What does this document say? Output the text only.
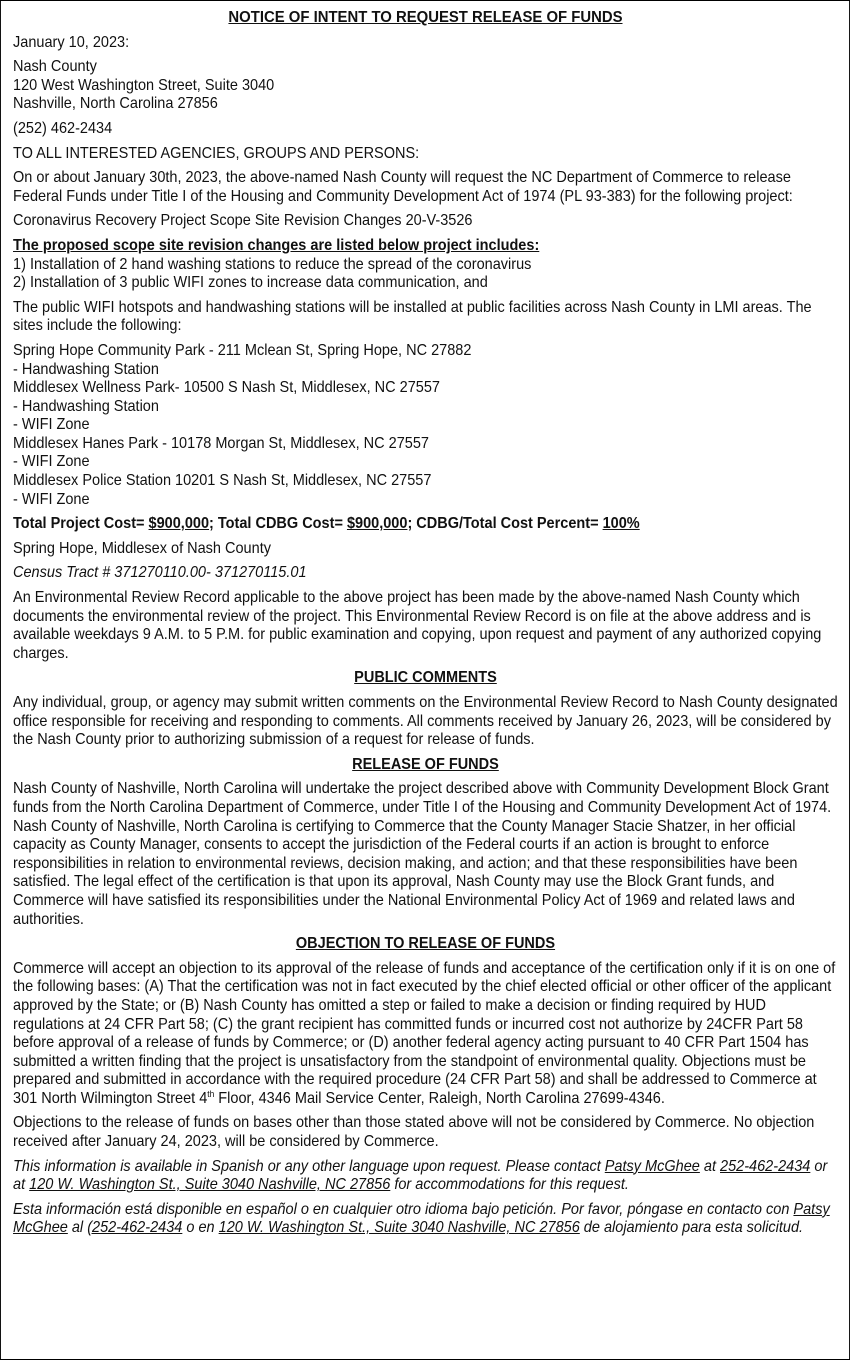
NOTICE OF INTENT TO REQUEST RELEASE OF FUNDS

January 10, 2023:

Nash County
120 West Washington Street, Suite 3040
Nashville, North Carolina 27856

(252) 462-2434

TO ALL INTERESTED AGENCIES, GROUPS AND PERSONS:

On or about January 30th, 2023, the above-named Nash County will request the NC Department of Commerce to release Federal Funds under Title I of the Housing and Community Development Act of 1974 (PL 93-383) for the following project:

Coronavirus Recovery Project Scope Site Revision Changes 20-V-3526

The proposed scope site revision changes are listed below project includes:
1) Installation of 2 hand washing stations to reduce the spread of the coronavirus
2) Installation of 3 public WIFI zones to increase data communication, and

The public WIFI hotspots and handwashing stations will be installed at public facilities across Nash County in LMI areas. The sites include the following:

Spring Hope Community Park - 211 Mclean St, Spring Hope, NC 27882
- Handwashing Station
Middlesex Wellness Park- 10500 S Nash St, Middlesex, NC 27557
- Handwashing Station
- WIFI Zone
Middlesex Hanes Park - 10178 Morgan St, Middlesex, NC 27557
- WIFI Zone
Middlesex Police Station 10201 S Nash St, Middlesex, NC 27557
- WIFI Zone

Total Project Cost= $900,000; Total CDBG Cost= $900,000; CDBG/Total Cost Percent= 100%

Spring Hope, Middlesex of Nash County

Census Tract # 371270110.00- 371270115.01

An Environmental Review Record applicable to the above project has been made by the above-named Nash County which documents the environmental review of the project. This Environmental Review Record is on file at the above address and is available weekdays 9 A.M. to 5 P.M. for public examination and copying, upon request and payment of any authorized copying charges.

PUBLIC COMMENTS

Any individual, group, or agency may submit written comments on the Environmental Review Record to Nash County designated office responsible for receiving and responding to comments. All comments received by January 26, 2023, will be considered by the Nash County prior to authorizing submission of a request for release of funds.

RELEASE OF FUNDS

Nash County of Nashville, North Carolina will undertake the project described above with Community Development Block Grant funds from the North Carolina Department of Commerce, under Title I of the Housing and Community Development Act of 1974. Nash County of Nashville, North Carolina is certifying to Commerce that the County Manager Stacie Shatzer, in her official capacity as County Manager, consents to accept the jurisdiction of the Federal courts if an action is brought to enforce responsibilities in relation to environmental reviews, decision making, and action; and that these responsibilities have been satisfied. The legal effect of the certification is that upon its approval, Nash County may use the Block Grant funds, and Commerce will have satisfied its responsibilities under the National Environmental Policy Act of 1969 and related laws and authorities.

OBJECTION TO RELEASE OF FUNDS

Commerce will accept an objection to its approval of the release of funds and acceptance of the certification only if it is on one of the following bases: (A) That the certification was not in fact executed by the chief elected official or other officer of the applicant approved by the State; or (B) Nash County has omitted a step or failed to make a decision or finding required by HUD regulations at 24 CFR Part 58; (C) the grant recipient has committed funds or incurred cost not authorize by 24CFR Part 58 before approval of a release of funds by Commerce; or (D) another federal agency acting pursuant to 40 CFR Part 1504 has submitted a written finding that the project is unsatisfactory from the standpoint of environmental quality. Objections must be prepared and submitted in accordance with the required procedure (24 CFR Part 58) and shall be addressed to Commerce at 301 North Wilmington Street 4th Floor, 4346 Mail Service Center, Raleigh, North Carolina 27699-4346.

Objections to the release of funds on bases other than those stated above will not be considered by Commerce. No objection received after January 24, 2023, will be considered by Commerce.

This information is available in Spanish or any other language upon request. Please contact Patsy McGhee at 252-462-2434 or at 120 W. Washington St., Suite 3040 Nashville, NC 27856 for accommodations for this request.

Esta información está disponible en español o en cualquier otro idioma bajo petición. Por favor, póngase en contacto con Patsy McGhee al (252-462-2434 o en 120 W. Washington St., Suite 3040 Nashville, NC 27856 de alojamiento para esta solicitud.
